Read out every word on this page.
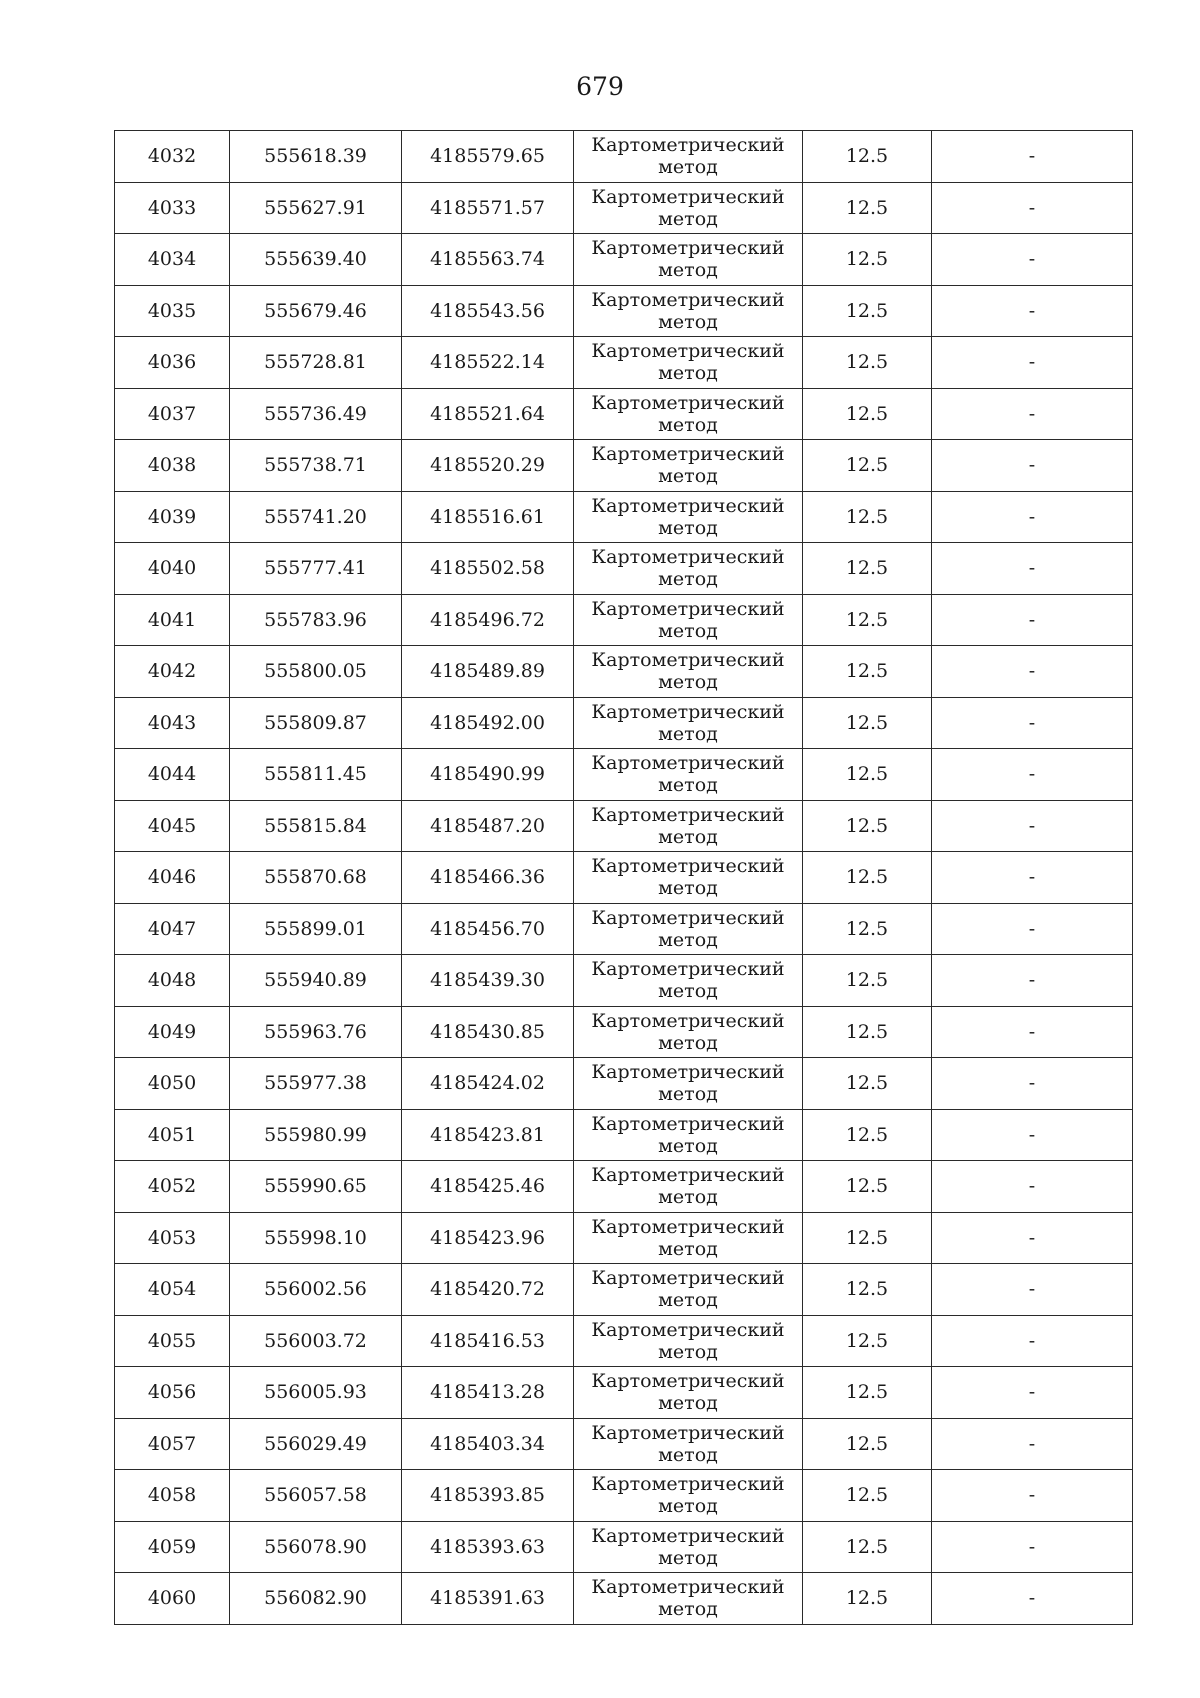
679
4032	555618.39	4185579.65	Картометрический
метод	12.5	-
4033	555627.91	4185571.57	Картометрический
метод	12.5	-
4034	555639.40	4185563.74	Картометрический
метод	12.5	-
4035	555679.46	4185543.56	Картометрический
метод	12.5	-
4036	555728.81	4185522.14	Картометрический
метод	12.5	-
4037	555736.49	4185521.64	Картометрический
метод	12.5	-
4038	555738.71	4185520.29	Картометрический
метод	12.5	-
4039	555741.20	4185516.61	Картометрический
метод	12.5	-
4040	555777.41	4185502.58	Картометрический
метод	12.5	-
4041	555783.96	4185496.72	Картометрический
метод	12.5	-
4042	555800.05	4185489.89	Картометрический
метод	12.5	-
4043	555809.87	4185492.00	Картометрический
метод	12.5	-
4044	555811.45	4185490.99	Картометрический
метод	12.5	-
4045	555815.84	4185487.20	Картометрический
метод	12.5	-
4046	555870.68	4185466.36	Картометрический
метод	12.5	-
4047	555899.01	4185456.70	Картометрический
метод	12.5	-
4048	555940.89	4185439.30	Картометрический
метод	12.5	-
4049	555963.76	4185430.85	Картометрический
метод	12.5	-
4050	555977.38	4185424.02	Картометрический
метод	12.5	-
4051	555980.99	4185423.81	Картометрический
метод	12.5	-
4052	555990.65	4185425.46	Картометрический
метод	12.5	-
4053	555998.10	4185423.96	Картометрический
метод	12.5	-
4054	556002.56	4185420.72	Картометрический
метод	12.5	-
4055	556003.72	4185416.53	Картометрический
метод	12.5	-
4056	556005.93	4185413.28	Картометрический
метод	12.5	-
4057	556029.49	4185403.34	Картометрический
метод	12.5	-
4058	556057.58	4185393.85	Картометрический
метод	12.5	-
4059	556078.90	4185393.63	Картометрический
метод	12.5	-
4060	556082.90	4185391.63	Картометрический
метод	12.5	-
